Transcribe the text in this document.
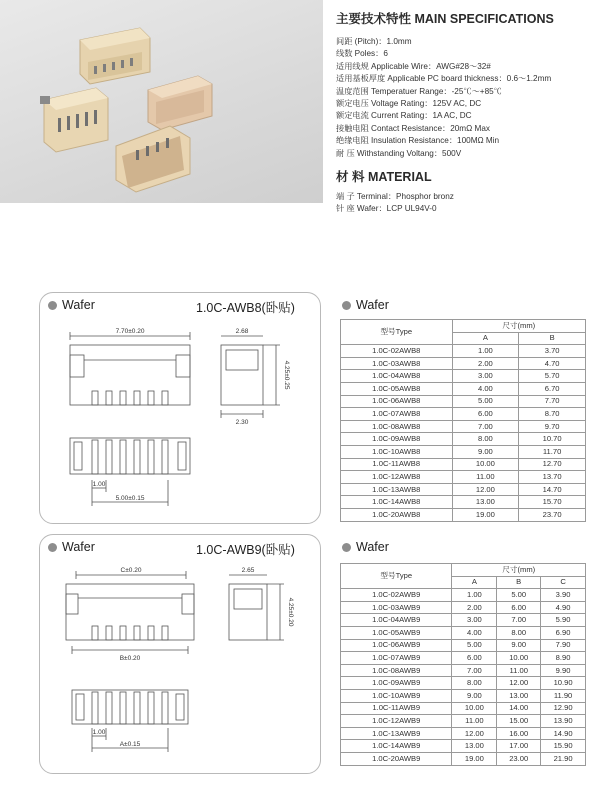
主要技术特性 MAIN SPECIFICATIONS
间距 (Pitch)：1.0mm
线数 Poles：6
适用线规 Applicable Wire：AWG#28～32#
适用基板厚度 Applicable PC board thickness：0.6～1.2mm
温度范围 Temperatuer Range：-25℃～+85℃
额定电压 Voltage Rating：125V AC, DC
额定电流 Current Rating：1A AC, DC
接触电阻 Contact Resistance：20mΩ Max
绝缘电阻 Insulation Resistance：100MΩ Min
耐 压 Withstanding Voltang：500V
材 料 MATERIAL
端 子 Terminal：Phosphor bronz
针 座 Wafer：LCP UL94V-0
Wafer	1.0C-AWB8(卧贴)
7.70±0.20	2.68
4.25±0.25
2.30
1.00
5.00±0.15
Wafer
型号Type	尺寸(mm)	
	A	B
1.0C-02AWB8	1.00	3.70
1.0C-03AWB8	2.00	4.70
1.0C-04AWB8	3.00	5.70
1.0C-05AWB8	4.00	6.70
1.0C-06AWB8	5.00	7.70
1.0C-07AWB8	6.00	8.70
1.0C-08AWB8	7.00	9.70
1.0C-09AWB8	8.00	10.70
1.0C-10AWB8	9.00	11.70
1.0C-11AWB8	10.00	12.70
1.0C-12AWB8	11.00	13.70
1.0C-13AWB8	12.00	14.70
1.0C-14AWB8	13.00	15.70
1.0C-20AWB8	19.00	23.70
Wafer	1.0C-AWB9(卧贴)
C±0.20	2.65
4.25±0.20
B±0.20
1.00
A±0.15
Wafer
型号Type	尺寸(mm)		
	A	B	C
1.0C-02AWB9	1.00	5.00	3.90
1.0C-03AWB9	2.00	6.00	4.90
1.0C-04AWB9	3.00	7.00	5.90
1.0C-05AWB9	4.00	8.00	6.90
1.0C-06AWB9	5.00	9.00	7.90
1.0C-07AWB9	6.00	10.00	8.90
1.0C-08AWB9	7.00	11.00	9.90
1.0C-09AWB9	8.00	12.00	10.90
1.0C-10AWB9	9.00	13.00	11.90
1.0C-11AWB9	10.00	14.00	12.90
1.0C-12AWB9	11.00	15.00	13.90
1.0C-13AWB9	12.00	16.00	14.90
1.0C-14AWB9	13.00	17.00	15.90
1.0C-20AWB9	19.00	23.00	21.90
